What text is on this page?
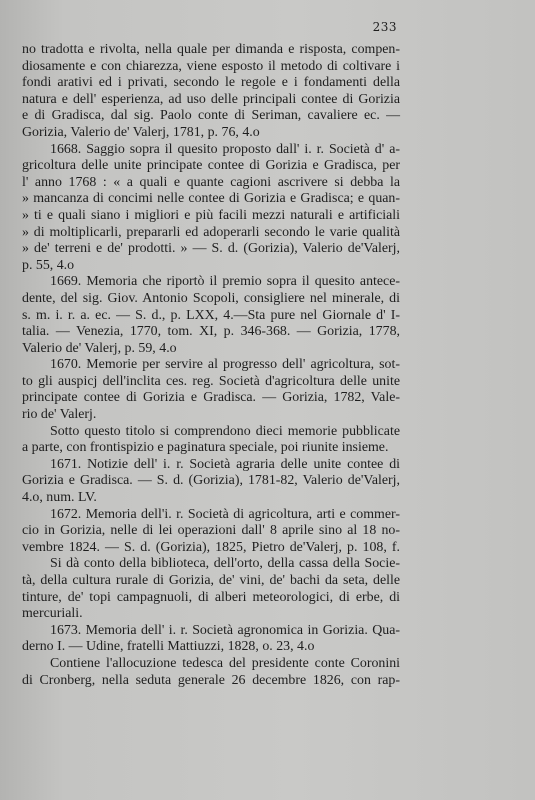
233
no tradotta e rivolta, nella quale per dimanda e risposta, compen-
diosamente e con chiarezza, viene esposto il metodo di coltivare i
fondi arativi ed i privati, secondo le regole e i fondamenti della
natura e dell' esperienza, ad uso delle principali contee di Gorizia
e di Gradisca, dal sig. Paolo conte di Seriman, cavaliere ec. —
Gorizia, Valerio de' Valerj, 1781, p. 76, 4.o
1668. Saggio sopra il quesito proposto dall' i. r. Società d' a-
gricoltura delle unite principate contee di Gorizia e Gradisca, per
l' anno 1768 : « a quali e quante cagioni ascrivere si debba la
» mancanza di concimi nelle contee di Gorizia e Gradisca; e quan-
» ti e quali siano i migliori e più facili mezzi naturali e artificiali
» di moltiplicarli, prepararli ed adoperarli secondo le varie qualità
» de' terreni e de' prodotti. » — S. d. (Gorizia), Valerio de'Valerj,
p. 55, 4.o
1669. Memoria che riportò il premio sopra il quesito antece-
dente, del sig. Giov. Antonio Scopoli, consigliere nel minerale, di
s. m. i. r. a. ec. — S. d., p. LXX, 4.—Sta pure nel Giornale d' I-
talia. — Venezia, 1770, tom. XI, p. 346-368. — Gorizia, 1778,
Valerio de' Valerj, p. 59, 4.o
1670. Memorie per servire al progresso dell' agricoltura, sot-
to gli auspicj dell'inclita ces. reg. Società d'agricoltura delle unite
principate contee di Gorizia e Gradisca. — Gorizia, 1782, Vale-
rio de' Valerj.
Sotto questo titolo si comprendono dieci memorie pubblicate
a parte, con frontispizio e paginatura speciale, poi riunite insieme.
1671. Notizie dell' i. r. Società agraria delle unite contee di
Gorizia e Gradisca. — S. d. (Gorizia), 1781-82, Valerio de'Valerj,
4.o, num. LV.
1672. Memoria dell'i. r. Società di agricoltura, arti e commer-
cio in Gorizia, nelle di lei operazioni dall' 8 aprile sino al 18 no-
vembre 1824. — S. d. (Gorizia), 1825, Pietro de'Valerj, p. 108, f.
Si dà conto della biblioteca, dell'orto, della cassa della Socie-
tà, della cultura rurale di Gorizia, de' vini, de' bachi da seta, delle
tinture, de' topi campagnuoli, di alberi meteorologici, di erbe, di
mercuriali.
1673. Memoria dell' i. r. Società agronomica in Gorizia. Qua-
derno I. — Udine, fratelli Mattiuzzi, 1828, o. 23, 4.o
Contiene l'allocuzione tedesca del presidente conte Coronini
di Cronberg, nella seduta generale 26 decembre 1826, con rap-
